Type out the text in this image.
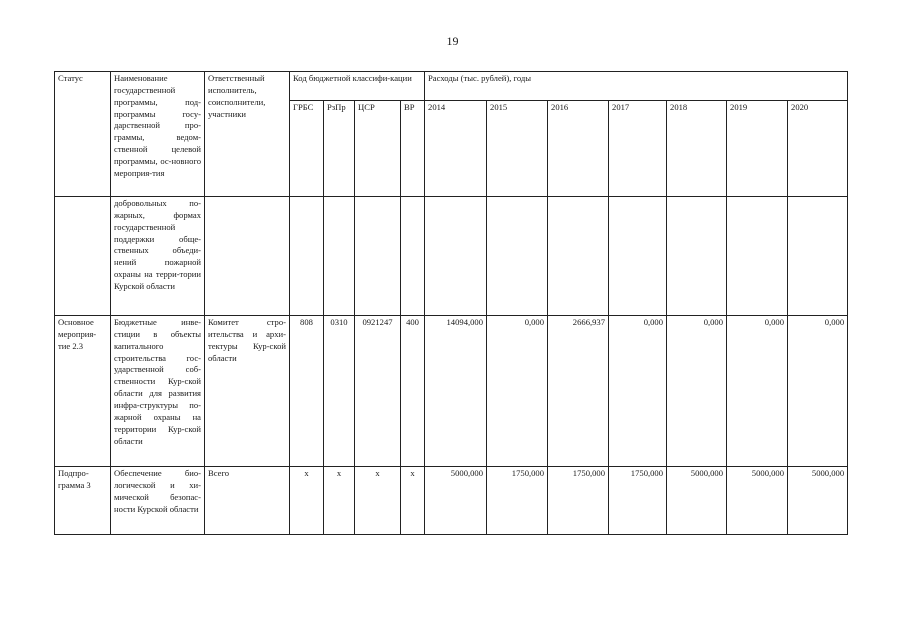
19
Статус	Наименование государственной программы, под-программы госу-дарственной про-граммы, ведом-ственной целевой программы, ос-новного мероприя-тия	Ответственный исполнитель, соисполнители, участники	Код бюджетной классифи-кации				Расходы (тыс. рублей), годы						
			ГРБС	РзПр	ЦСР	ВР	2014	2015	2016	2017	2018	2019	2020
	добровольных по-жарных, формах государственной поддержки обще-ственных объеди-нений пожарной охраны на терри-тории Курской области												
Основное мероприя-тие 2.3	Бюджетные инве-стиции в объекты капитального строительства гос-ударственной соб-ственности Кур-ской области для развития инфра-структуры по-жарной охраны на территории Кур-ской области	Комитет стро-ительства и архи-тектуры Кур-ской области	808	0310	0921247	400	14094,000	0,000	2666,937	0,000	0,000	0,000	0,000
Подпро-грамма 3	Обеспечение био-логической и хи-мической безопас-ности Курской области	Всего	x	x	x	x	5000,000	1750,000	1750,000	1750,000	5000,000	5000,000	5000,000
